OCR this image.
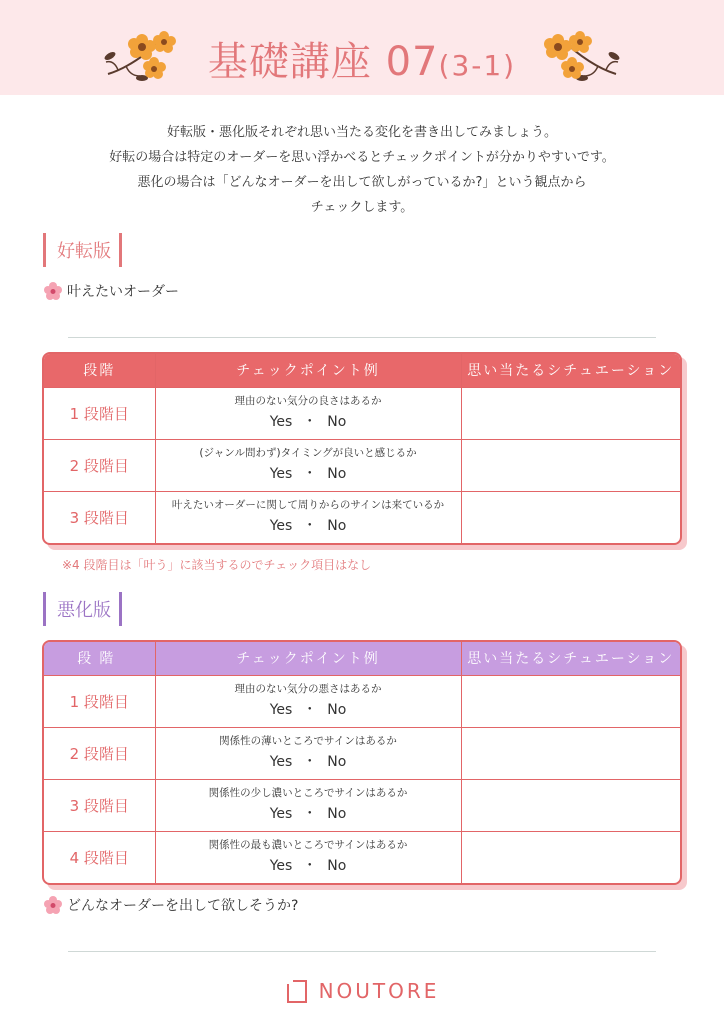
基礎講座 07(3-1)
好転版・悪化版それぞれ思い当たる変化を書き出してみましょう。
好転の場合は特定のオーダーを思い浮かべるとチェックポイントが分かりやすいです。
悪化の場合は「どんなオーダーを出して欲しがっているか?」という観点から
チェックします。
好転版
叶えたいオーダー
段階	チェックポイント例	思い当たるシチュエーション
1 段階目	理由のない気分の良さはあるか
Yes ・ No	

2 段階目	(ジャンル問わず)タイミングが良いと感じるか
Yes ・ No	

3 段階目	叶えたいオーダーに関して周りからのサインは来ているか
Yes ・ No	

※4 段階目は「叶う」に該当するのでチェック項目はなし
悪化版
段階	チェックポイント例	思い当たるシチュエーション
1 段階目	理由のない気分の悪さはあるか
Yes ・ No	

2 段階目	関係性の薄いところでサインはあるか
Yes ・ No	

3 段階目	関係性の少し濃いところでサインはあるか
Yes ・ No	

4 段階目	関係性の最も濃いところでサインはあるか
Yes ・ No	

どんなオーダーを出して欲しそうか?
NOUTORE
